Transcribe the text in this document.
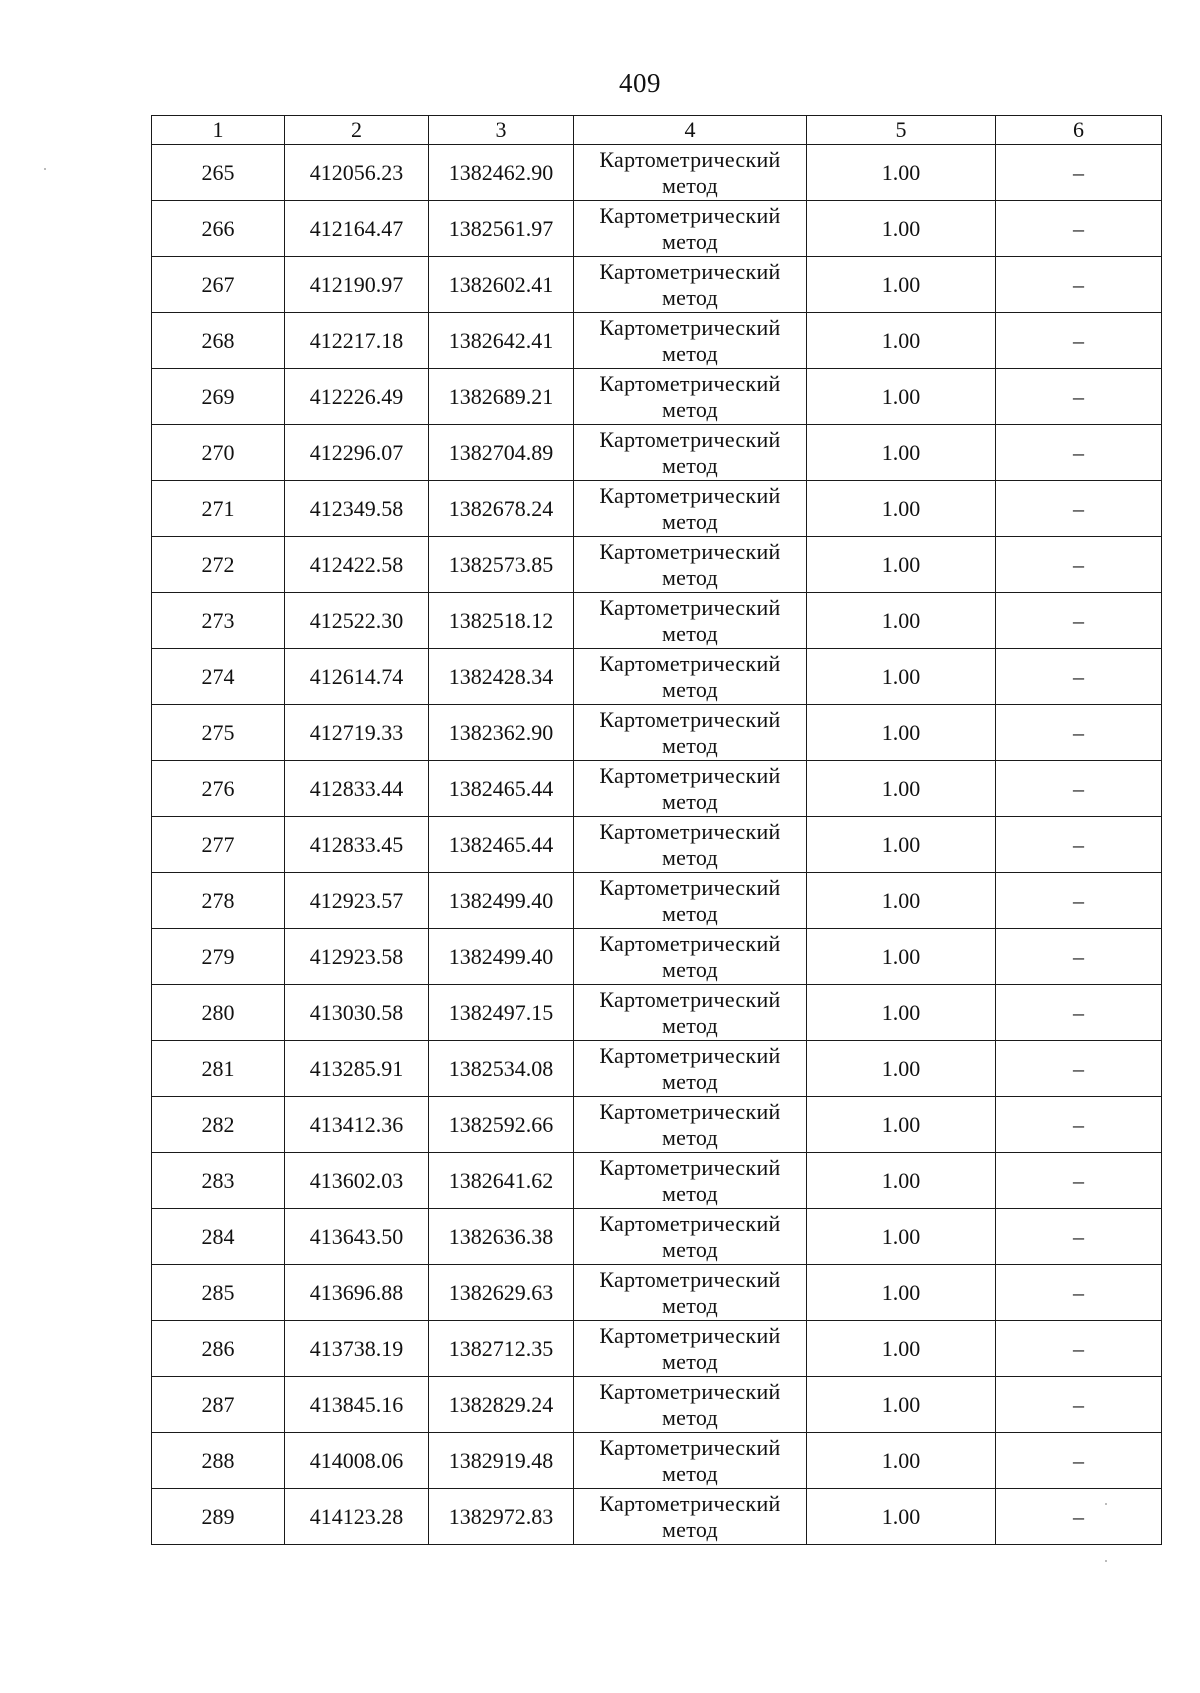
409
1	2	3	4	5	6
265	412056.23	1382462.90	Картометрический метод	1.00	–
266	412164.47	1382561.97	Картометрический метод	1.00	–
267	412190.97	1382602.41	Картометрический метод	1.00	–
268	412217.18	1382642.41	Картометрический метод	1.00	–
269	412226.49	1382689.21	Картометрический метод	1.00	–
270	412296.07	1382704.89	Картометрический метод	1.00	–
271	412349.58	1382678.24	Картометрический метод	1.00	–
272	412422.58	1382573.85	Картометрический метод	1.00	–
273	412522.30	1382518.12	Картометрический метод	1.00	–
274	412614.74	1382428.34	Картометрический метод	1.00	–
275	412719.33	1382362.90	Картометрический метод	1.00	–
276	412833.44	1382465.44	Картометрический метод	1.00	–
277	412833.45	1382465.44	Картометрический метод	1.00	–
278	412923.57	1382499.40	Картометрический метод	1.00	–
279	412923.58	1382499.40	Картометрический метод	1.00	–
280	413030.58	1382497.15	Картометрический метод	1.00	–
281	413285.91	1382534.08	Картометрический метод	1.00	–
282	413412.36	1382592.66	Картометрический метод	1.00	–
283	413602.03	1382641.62	Картометрический метод	1.00	–
284	413643.50	1382636.38	Картометрический метод	1.00	–
285	413696.88	1382629.63	Картометрический метод	1.00	–
286	413738.19	1382712.35	Картометрический метод	1.00	–
287	413845.16	1382829.24	Картометрический метод	1.00	–
288	414008.06	1382919.48	Картометрический метод	1.00	–
289	414123.28	1382972.83	Картометрический метод	1.00	–
